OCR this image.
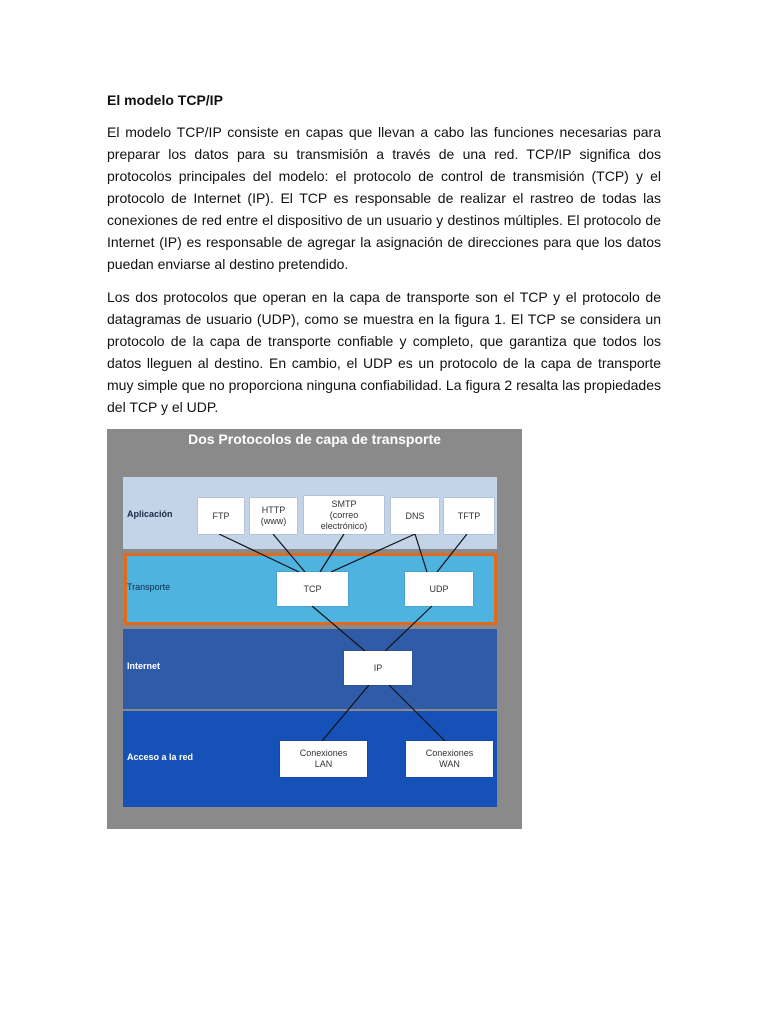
El modelo TCP/IP

El modelo TCP/IP consiste en capas que llevan a cabo las funciones necesarias para preparar los datos para su transmisión a través de una red. TCP/IP significa dos protocolos principales del modelo: el protocolo de control de transmisión (TCP) y el protocolo de Internet (IP). El TCP es responsable de realizar el rastreo de todas las conexiones de red entre el dispositivo de un usuario y destinos múltiples. El protocolo de Internet (IP) es responsable de agregar la asignación de direcciones para que los datos puedan enviarse al destino pretendido.

Los dos protocolos que operan en la capa de transporte son el TCP y el protocolo de datagramas de usuario (UDP), como se muestra en la figura 1. El TCP se considera un protocolo de la capa de transporte confiable y completo, que garantiza que todos los datos lleguen al destino. En cambio, el UDP es un protocolo de la capa de transporte muy simple que no proporciona ninguna confiabilidad. La figura 2 resalta las propiedades del TCP y el UDP.

Dos Protocolos de capa de transporte
Aplicación
Transporte
Internet
Acceso a la red
FTP
HTTP
(www)
SMTP
(correo
electrónico)
DNS	TFTP
TCP	UDP
IP
Conexiones
LAN
Conexiones
WAN
